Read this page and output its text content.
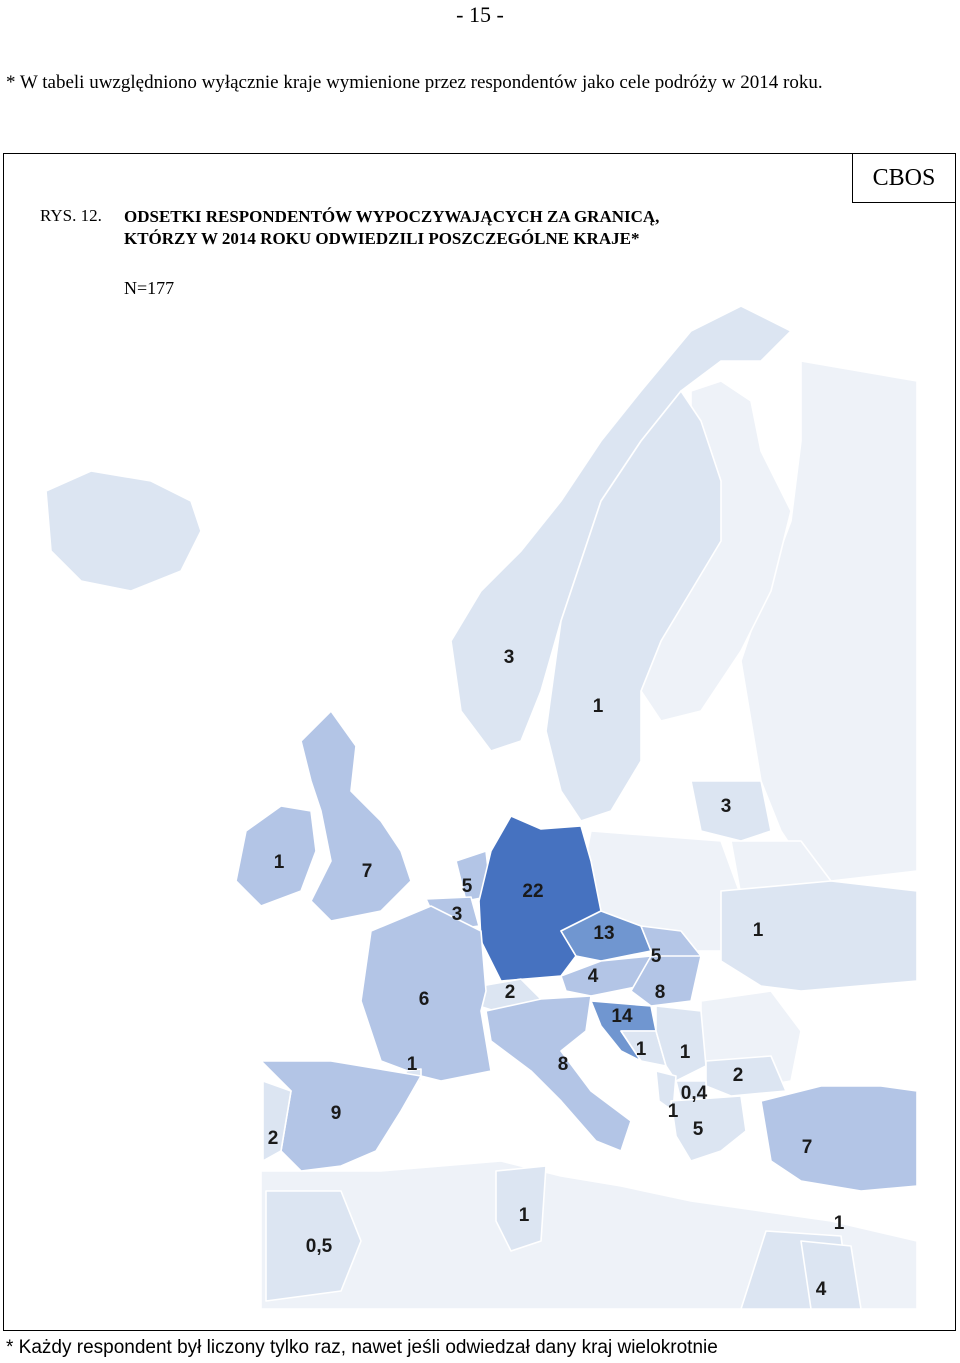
- 15 -
* W tabeli uwzględniono wyłącznie kraje wymienione przez respondentów jako cele podróży w 2014 roku.
3
1
3
1	7
5
3
22
13
5
4
8
2
6
1
14
1 1
8
9
2
1
2
0,4
1
5
7
1
0,5
1
4
CBOS
RYS. 12. ODSETKI RESPONDENTÓW WYPOCZYWAJĄCYCH ZA GRANICĄ,
KTÓRZY W 2014 ROKU ODWIEDZILI POSZCZEGÓLNE KRAJE*
N=177
* Każdy respondent był liczony tylko raz, nawet jeśli odwiedzał dany kraj wielokrotnie
